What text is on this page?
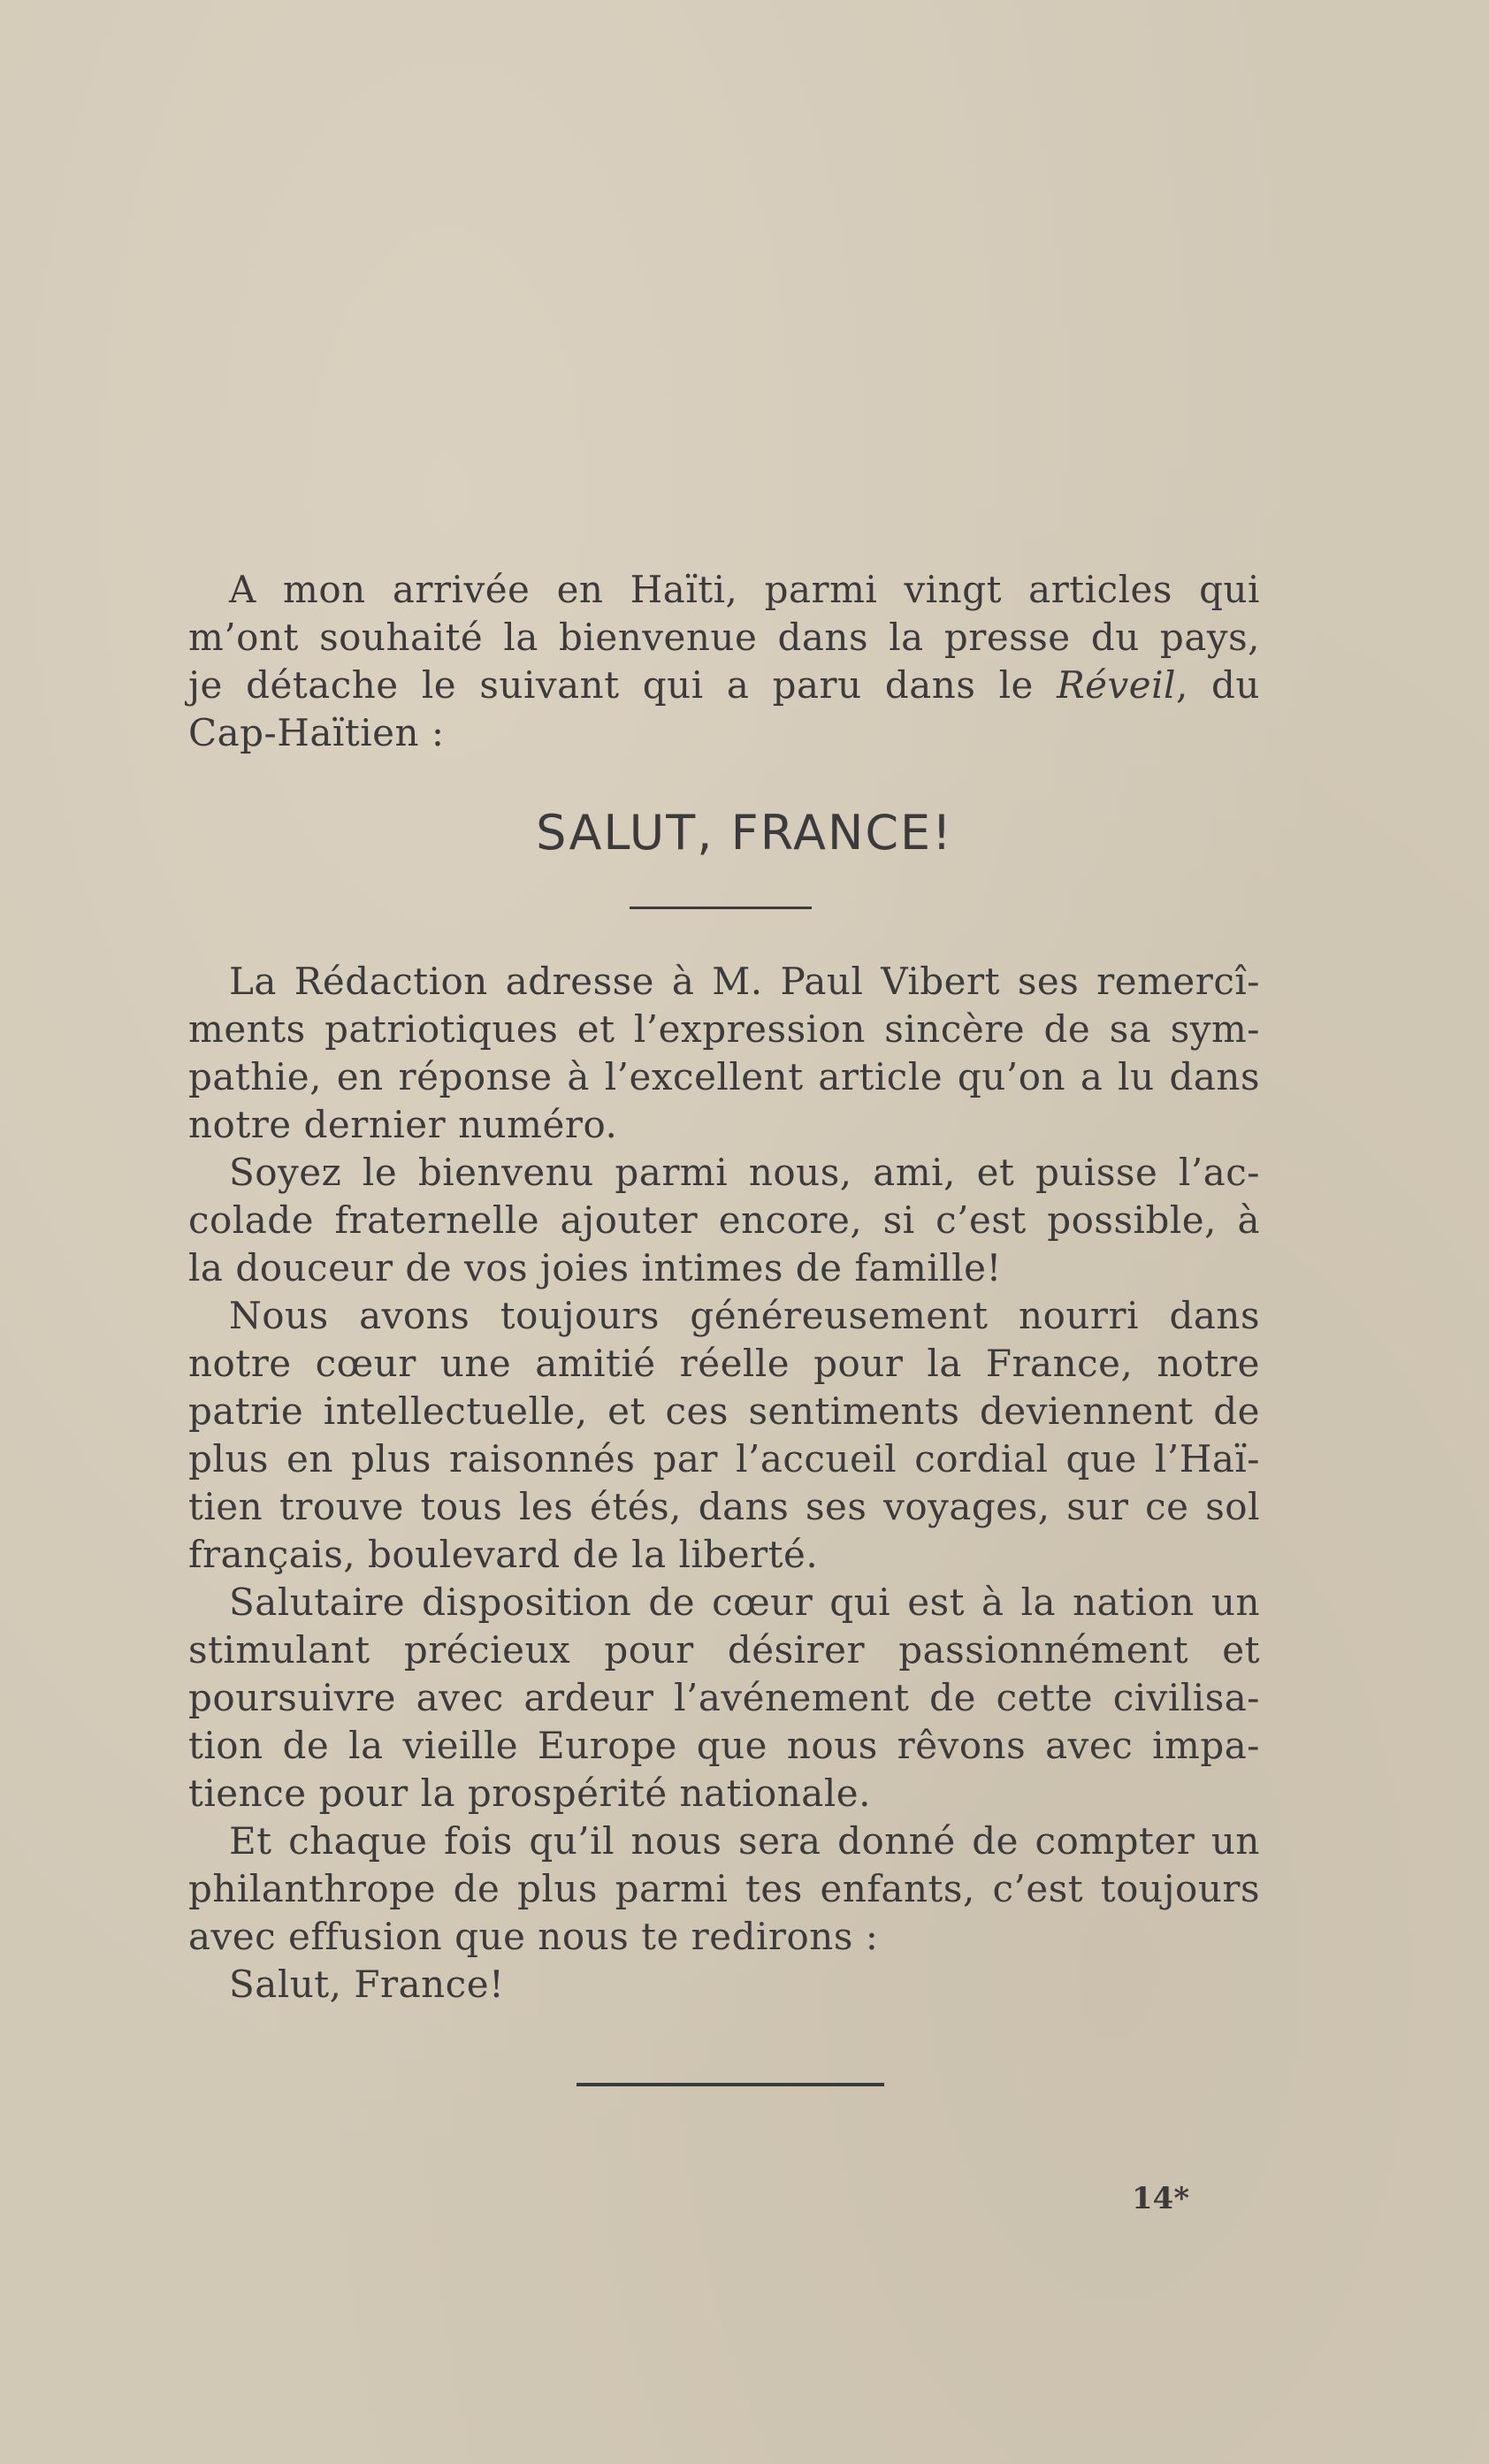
A mon arrivée en Haïti, parmi vingt articles qui
m’ont souhaité la bienvenue dans la presse du pays,
je détache le suivant qui a paru dans le Réveil, du
Cap-Haïtien :
SALUT, FRANCE!
La Rédaction adresse à M. Paul Vibert ses remercî-
ments patriotiques et l’expression sincère de sa sym-
pathie, en réponse à l’excellent article qu’on a lu dans
notre dernier numéro.
Soyez le bienvenu parmi nous, ami, et puisse l’ac-
colade fraternelle ajouter encore, si c’est possible, à
la douceur de vos joies intimes de famille!
Nous avons toujours généreusement nourri dans
notre cœur une amitié réelle pour la France, notre
patrie intellectuelle, et ces sentiments deviennent de
plus en plus raisonnés par l’accueil cordial que l’Haï-
tien trouve tous les étés, dans ses voyages, sur ce sol
français, boulevard de la liberté.
Salutaire disposition de cœur qui est à la nation un
stimulant précieux pour désirer passionnément et
poursuivre avec ardeur l’avénement de cette civilisa-
tion de la vieille Europe que nous rêvons avec impa-
tience pour la prospérité nationale.
Et chaque fois qu’il nous sera donné de compter un
philanthrope de plus parmi tes enfants, c’est toujours
avec effusion que nous te redirons :
Salut, France!
14*
